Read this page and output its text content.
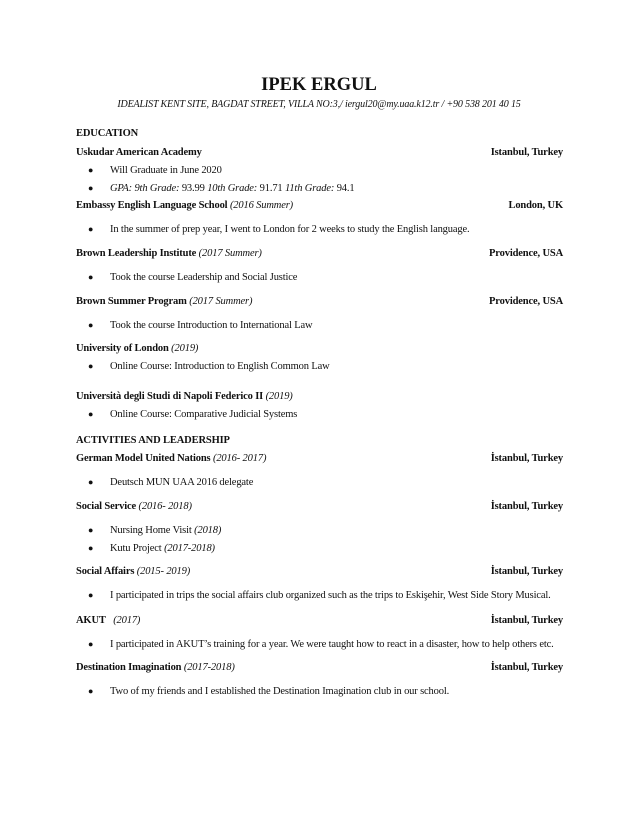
IPEK ERGUL
IDEALIST KENT SITE, BAGDAT STREET, VILLA NO:3,/ iergul20@my.uaa.k12.tr / +90 538 201 40 15
EDUCATION
Uskudar American Academy	Istanbul, Turkey
● Will Graduate in June 2020
● GPA: 9th Grade: 93.99 10th Grade: 91.71 11th Grade: 94.1
Embassy English Language School (2016 Summer)	London, UK
● In the summer of prep year, I went to London for 2 weeks to study the English language.
Brown Leadership Institute (2017 Summer)	Providence, USA
● Took the course Leadership and Social Justice
Brown Summer Program (2017 Summer)	Providence, USA
● Took the course Introduction to International Law
University of London (2019)
● Online Course: Introduction to English Common Law
Università degli Studi di Napoli Federico II (2019)
● Online Course: Comparative Judicial Systems
ACTIVITIES AND LEADERSHIP
German Model United Nations (2016- 2017)	İstanbul, Turkey
● Deutsch MUN UAA 2016 delegate
Social Service (2016- 2018)	İstanbul, Turkey
● Nursing Home Visit (2018)
● Kutu Project (2017-2018)
Social Affairs (2015- 2019)	İstanbul, Turkey
● I participated in trips the social affairs club organized such as the trips to Eskişehir, West Side Story Musical.
AKUT (2017)	İstanbul, Turkey
● I participated in AKUT’s training for a year. We were taught how to react in a disaster, how to help others etc.
Destination Imagination (2017-2018)	İstanbul, Turkey
● Two of my friends and I established the Destination Imagination club in our school.
